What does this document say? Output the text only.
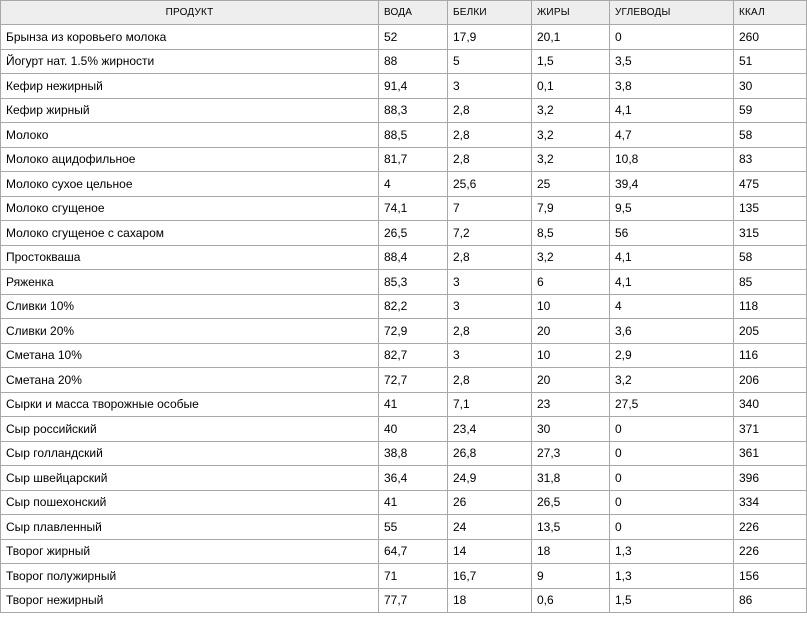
ПРОДУКТ	ВОДА	БЕЛКИ	ЖИРЫ	УГЛЕВОДЫ	ККАЛ
Брынза из коровьего молока	52	17,9	20,1	0	260
Йогурт нат. 1.5% жирности	88	5	1,5	3,5	51
Кефир нежирный	91,4	3	0,1	3,8	30
Кефир жирный	88,3	2,8	3,2	4,1	59
Молоко	88,5	2,8	3,2	4,7	58
Молоко ацидофильное	81,7	2,8	3,2	10,8	83
Молоко сухое цельное	4	25,6	25	39,4	475
Молоко сгущеное	74,1	7	7,9	9,5	135
Молоко сгущеное с сахаром	26,5	7,2	8,5	56	315
Простокваша	88,4	2,8	3,2	4,1	58
Ряженка	85,3	3	6	4,1	85
Сливки 10%	82,2	3	10	4	118
Сливки 20%	72,9	2,8	20	3,6	205
Сметана 10%	82,7	3	10	2,9	116
Сметана 20%	72,7	2,8	20	3,2	206
Сырки и масса творожные особые	41	7,1	23	27,5	340
Сыр российский	40	23,4	30	0	371
Сыр голландский	38,8	26,8	27,3	0	361
Сыр швейцарский	36,4	24,9	31,8	0	396
Сыр пошехонский	41	26	26,5	0	334
Сыр плавленный	55	24	13,5	0	226
Творог жирный	64,7	14	18	1,3	226
Творог полужирный	71	16,7	9	1,3	156
Творог нежирный	77,7	18	0,6	1,5	86
